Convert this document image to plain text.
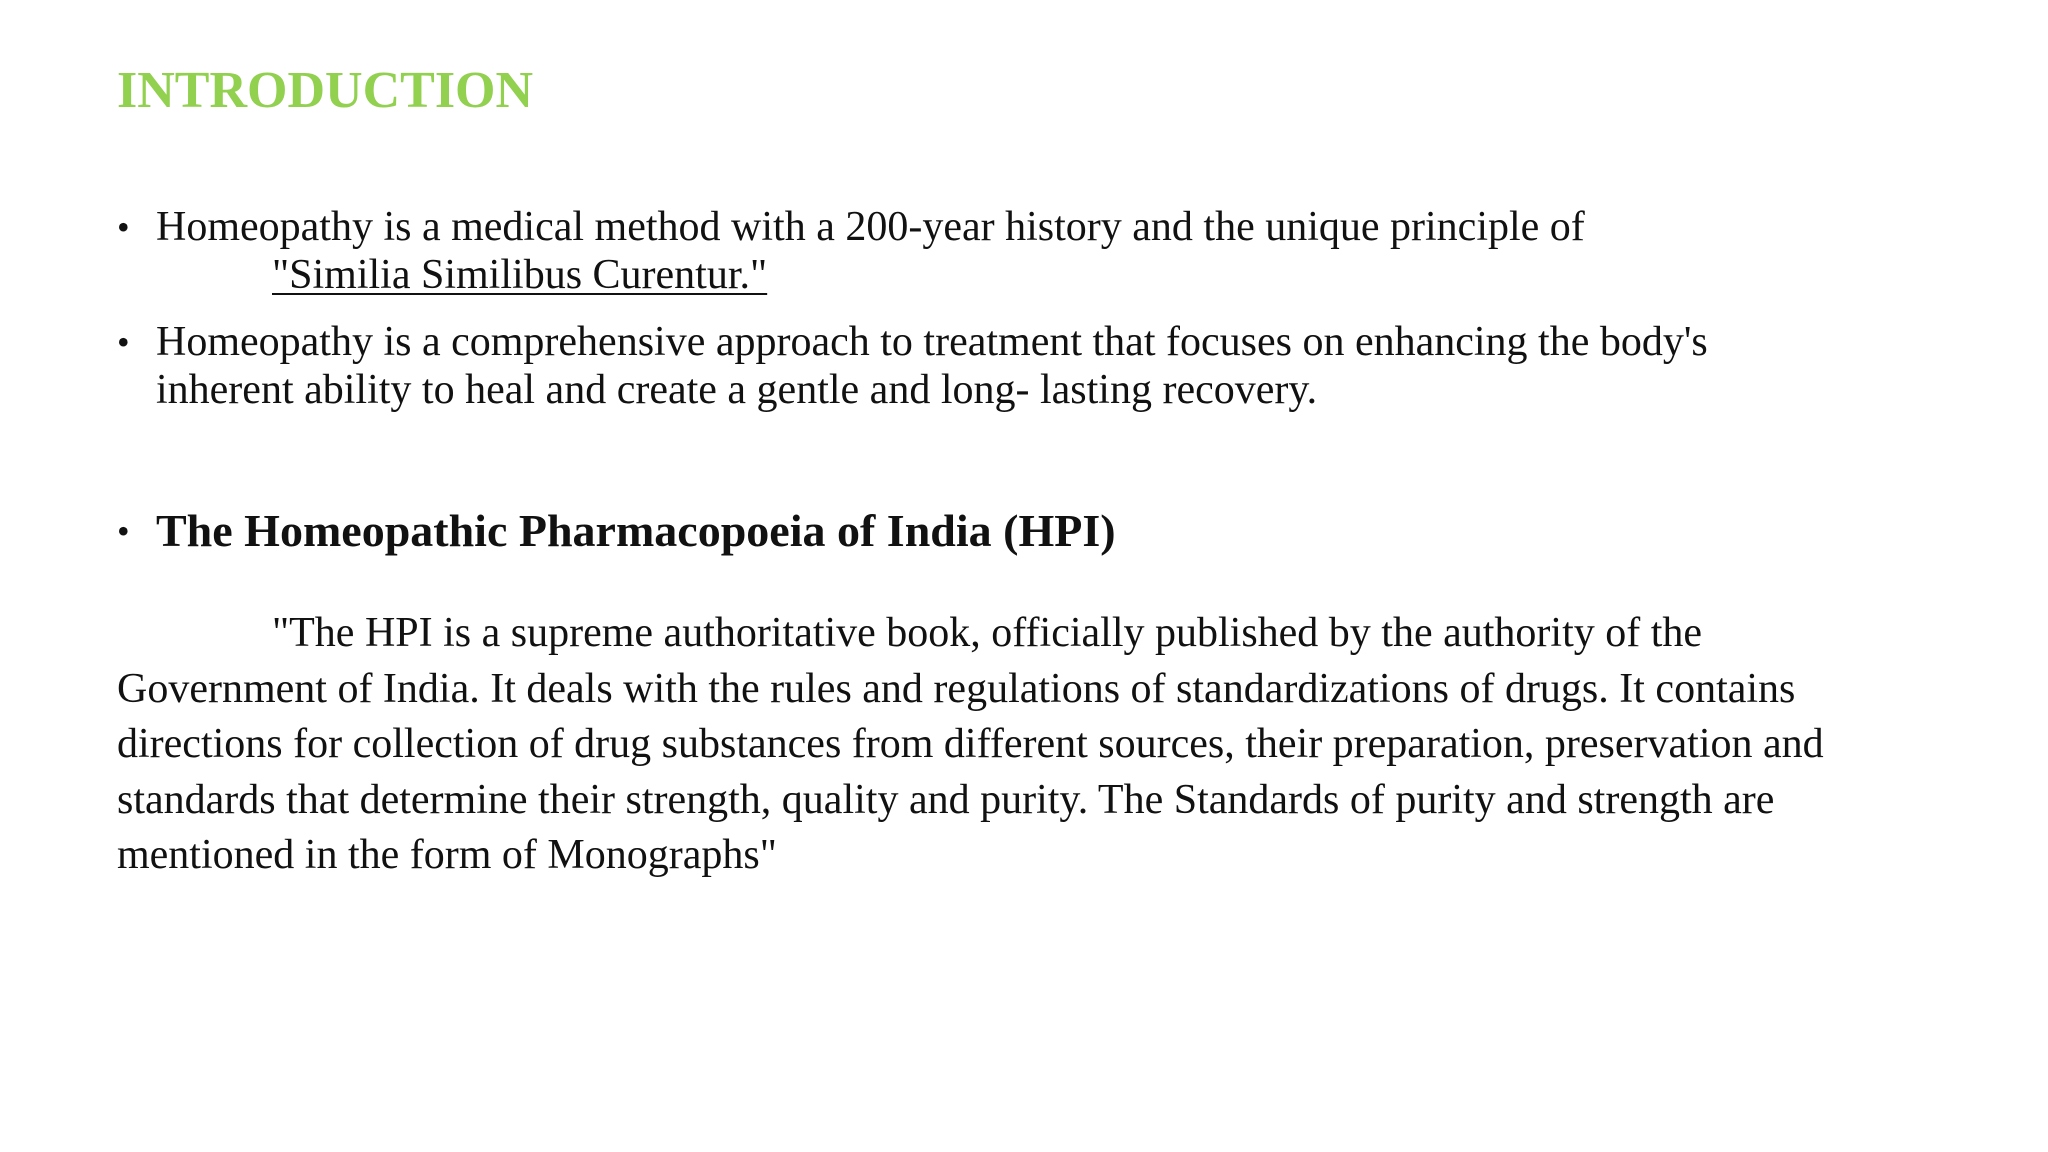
INTRODUCTION
• Homeopathy is a medical method with a 200-year history and the unique principle of
"Similia Similibus Curentur."
• Homeopathy is a comprehensive approach to treatment that focuses on enhancing the body's
inherent ability to heal and create a gentle and long- lasting recovery.
• The Homeopathic Pharmacopoeia of India (HPI)
"The HPI is a supreme authoritative book, officially published by the authority of the
Government of India. It deals with the rules and regulations of standardizations of drugs. It contains
directions for collection of drug substances from different sources, their preparation, preservation and
standards that determine their strength, quality and purity. The Standards of purity and strength are
mentioned in the form of Monographs"
